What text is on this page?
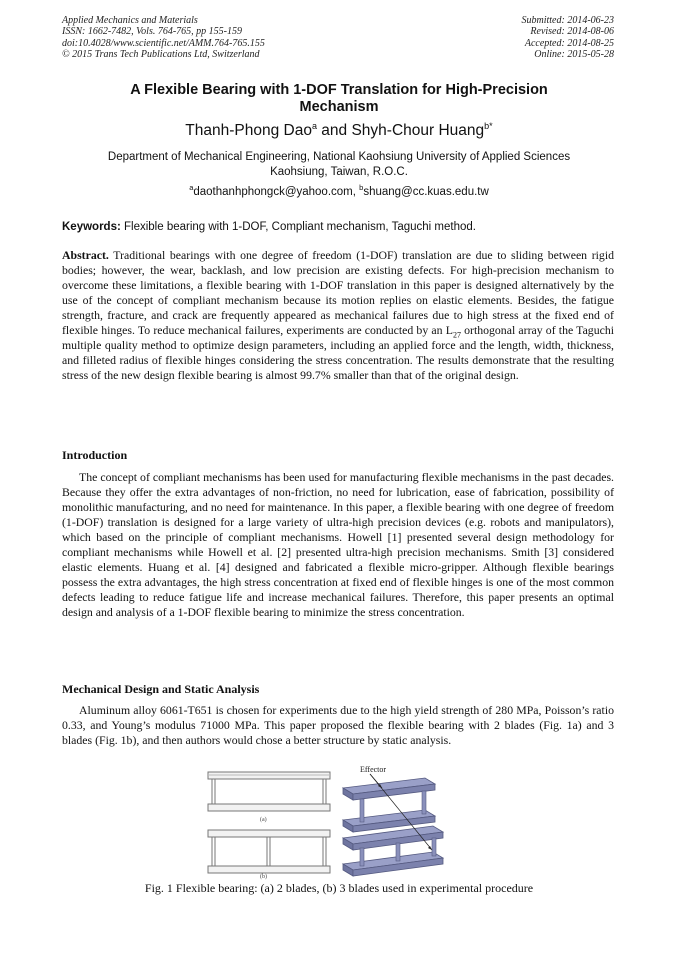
Applied Mechanics and Materials
ISSN: 1662-7482, Vols. 764-765, pp 155-159
doi:10.4028/www.scientific.net/AMM.764-765.155
© 2015 Trans Tech Publications Ltd, Switzerland
Submitted: 2014-06-23
Revised: 2014-08-06
Accepted: 2014-08-25
Online: 2015-05-28
A Flexible Bearing with 1-DOF Translation for High-Precision Mechanism
Thanh-Phong Dao$^a$ and Shyh-Chour Huang$^{b*}$
Department of Mechanical Engineering, National Kaohsiung University of Applied Sciences
Kaohsiung, Taiwan, R.O.C.
$^a$daothanhphongck@yahoo.com, $^b$shuang@cc.kuas.edu.tw
Keywords: Flexible bearing with 1-DOF, Compliant mechanism, Taguchi method.
Abstract. Traditional bearings with one degree of freedom (1-DOF) translation are due to sliding between rigid bodies; however, the wear, backlash, and low precision are existing defects. For high-precision mechanism to overcome these limitations, a flexible bearing with 1-DOF translation in this paper is designed alternatively by the use of the concept of compliant mechanism because its motion replies on elastic elements. Besides, the fatigue strength, fracture, and crack are frequently appeared as mechanical failures due to high stress at the fixed end of flexible hinges. To reduce mechanical failures, experiments are conducted by an $L_{27}$ orthogonal array of the Taguchi multiple quality method to optimize design parameters, including an applied force and the length, width, thickness, and filleted radius of flexible hinges considering the stress concentration. The results demonstrate that the resulting stress of the new design flexible bearing is almost 99.7% smaller than that of the original design.
Introduction
The concept of compliant mechanisms has been used for manufacturing flexible mechanisms in the past decades. Because they offer the extra advantages of non-friction, no need for lubrication, ease of fabrication, possibility of monolithic manufacturing, and no need for maintenance. In this paper, a flexible bearing with one degree of freedom (1-DOF) translation is designed for a large variety of ultra-high precision devices (e.g. robots and manipulators), which based on the principle of compliant mechanisms. Howell [1] presented several design methodology for compliant mechanisms while Howell et al. [2] presented ultra-high precision mechanisms. Smith [3] considered elastic elements. Huang et al. [4] designed and fabricated a flexible micro-gripper. Although flexible bearings possess the extra advantages, the high stress concentration at fixed end of flexible hinges is one of the most common defects leading to reduce fatigue life and increase mechanical failures. Therefore, this paper presents an optimal design and analysis of a 1-DOF flexible bearing to minimize the stress concentration.
Mechanical Design and Static Analysis
Aluminum alloy 6061-T651 is chosen for experiments due to the high yield strength of 280 MPa, Poisson’s ratio 0.33, and Young’s modulus 71000 MPa. This paper proposed the flexible bearing with 2 blades (Fig. 1a) and 3 blades (Fig. 1b), and then authors would chose a better structure by static analysis.
(a)
(b)
Effector
Fig. 1 Flexible bearing: (a) 2 blades, (b) 3 blades used in experimental procedure
